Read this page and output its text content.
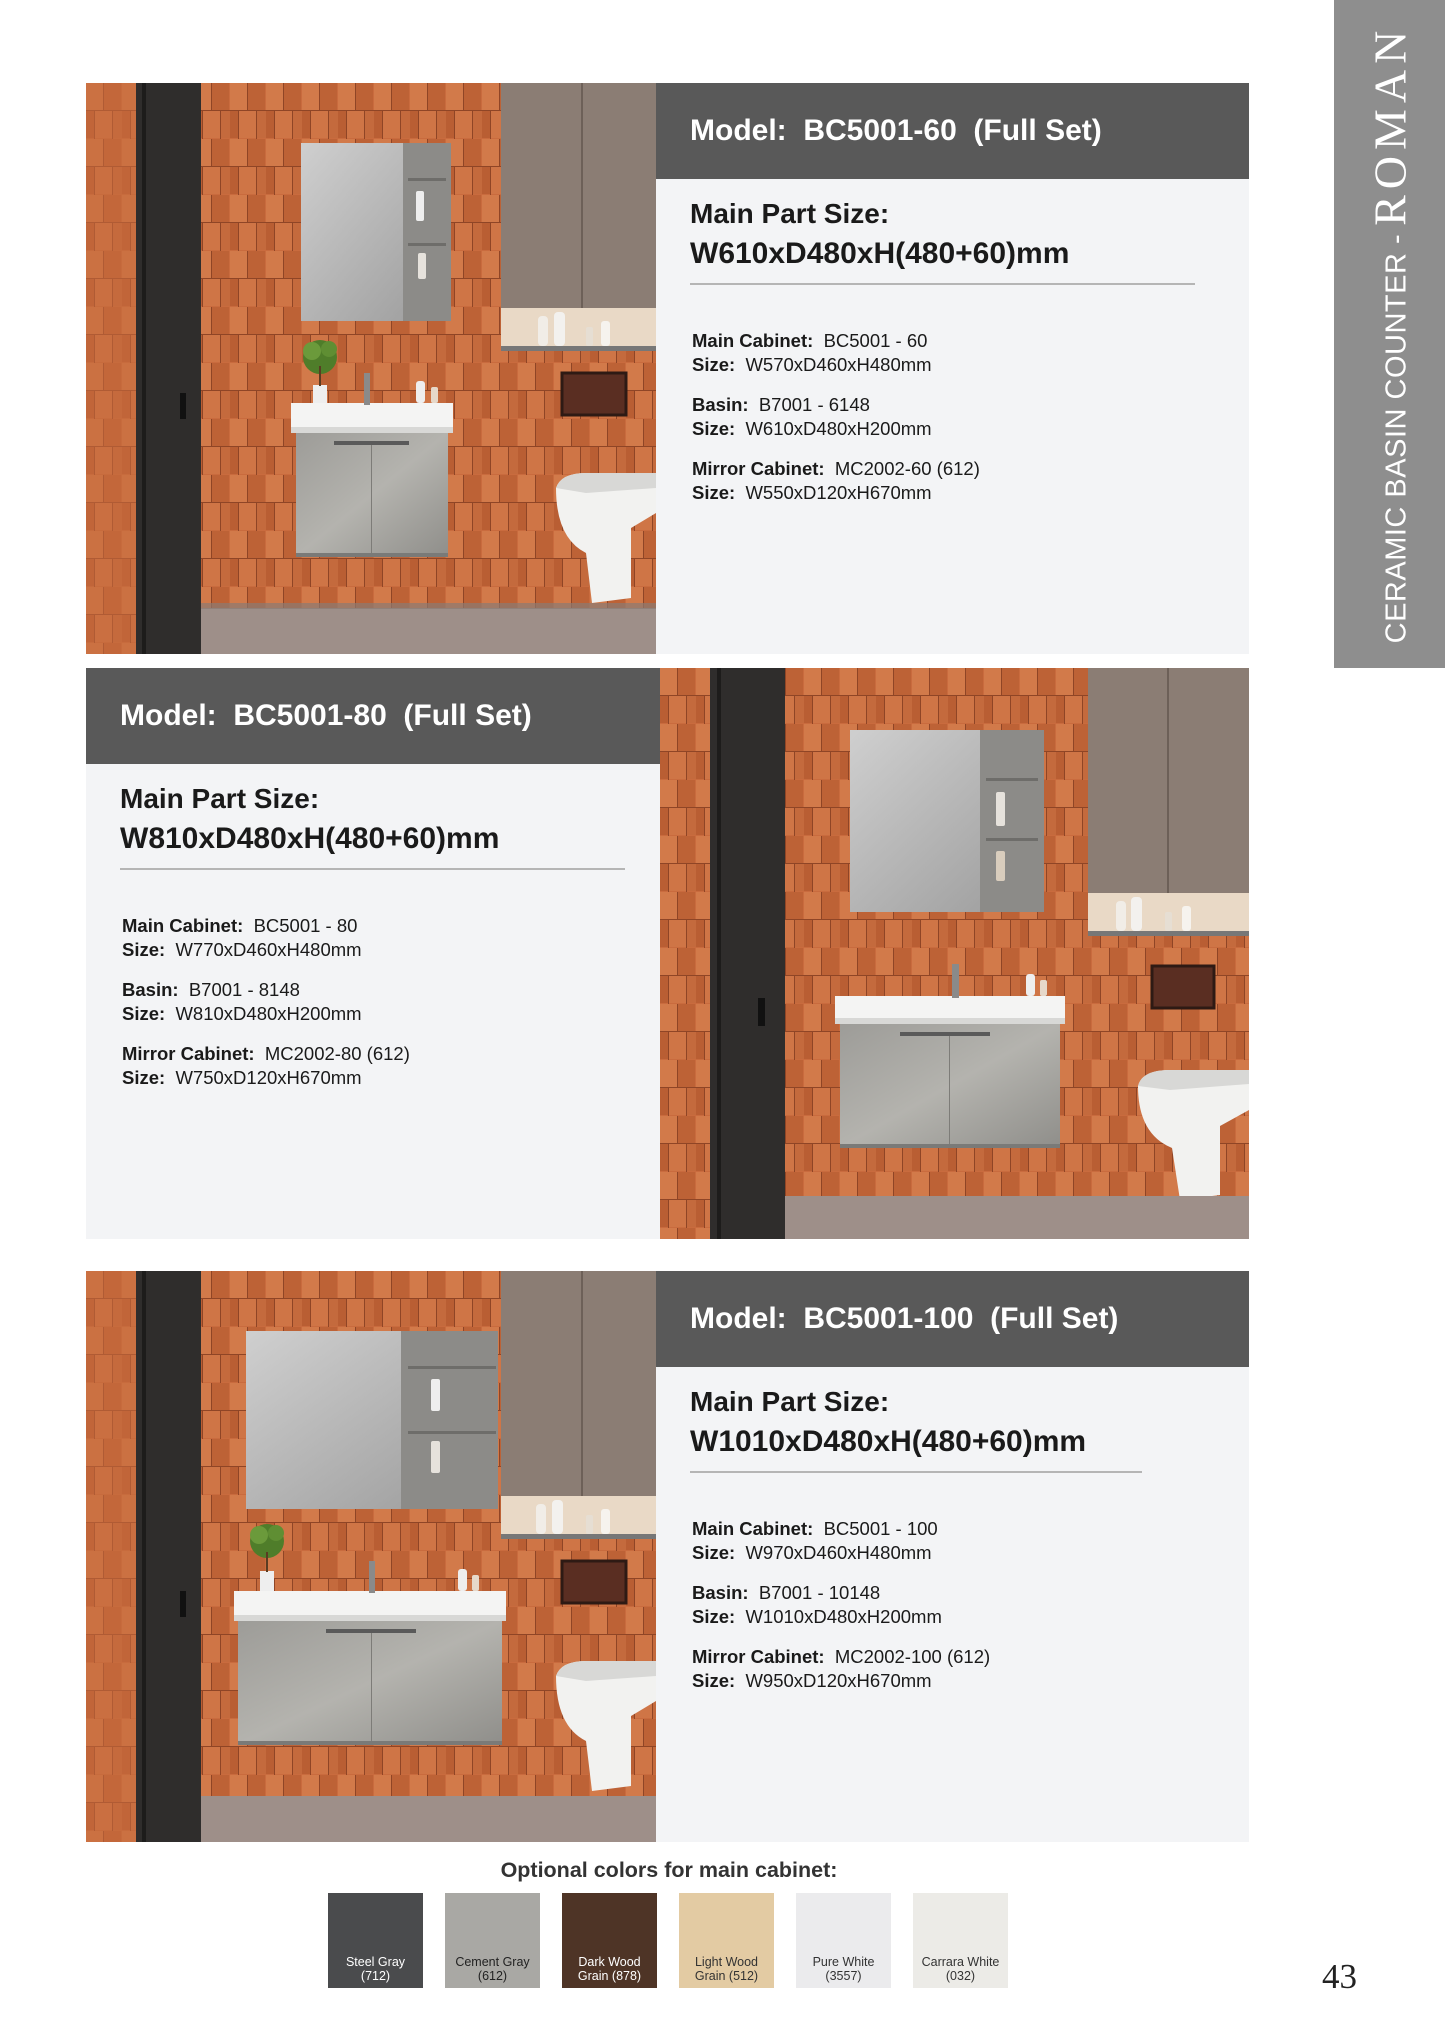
CERAMIC BASIN COUNTER -
ROMAN
Model:  BC5001-60  (Full Set)
Main Part Size:
W610xD480xH(480+60)mm
Main Cabinet: BC5001 - 60
Size: W570xD460xH480mm
Basin: B7001 - 6148
Size: W610xD480xH200mm
Mirror Cabinet: MC2002-60 (612)
Size: W550xD120xH670mm
Model:  BC5001-80  (Full Set)
Main Part Size:
W810xD480xH(480+60)mm
Main Cabinet: BC5001 - 80
Size: W770xD460xH480mm
Basin: B7001 - 8148
Size: W810xD480xH200mm
Mirror Cabinet: MC2002-80 (612)
Size: W750xD120xH670mm
Model:  BC5001-100  (Full Set)
Main Part Size:
W1010xD480xH(480+60)mm
Main Cabinet: BC5001 - 100
Size: W970xD460xH480mm
Basin: B7001 - 10148
Size: W1010xD480xH200mm
Mirror Cabinet: MC2002-100 (612)
Size: W950xD120xH670mm
Optional colors for main cabinet:
Steel Gray
(712)
Cement Gray
(612)
Dark Wood
Grain (878)
Light Wood
Grain (512)
Pure White
(3557)
Carrara White
(032)	43
